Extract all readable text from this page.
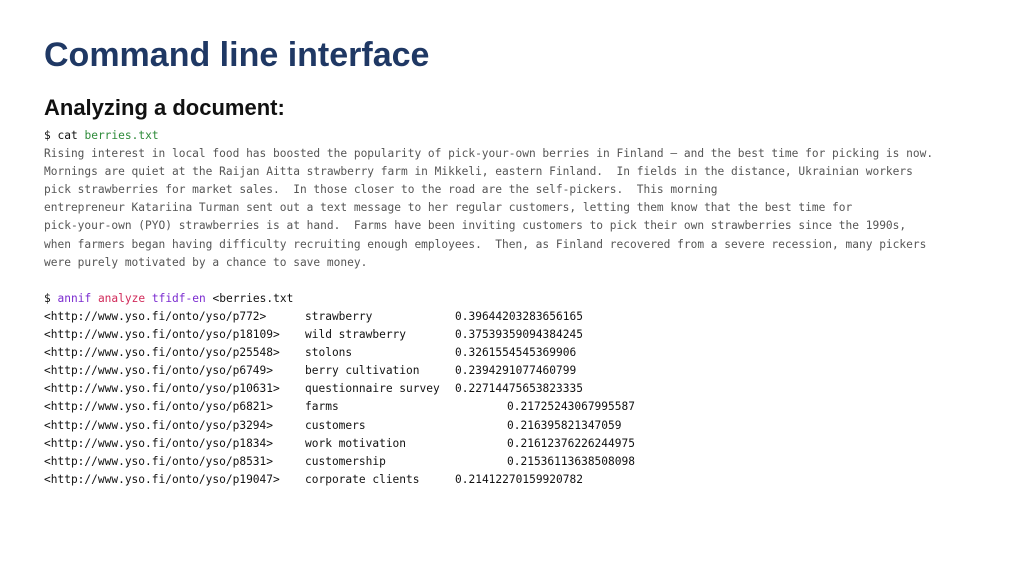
Command line interface
Analyzing a document:
$ cat berries.txt
Rising interest in local food has boosted the popularity of pick-your-own berries in Finland – and the best time for picking is now.
Mornings are quiet at the Raijan Aitta strawberry farm in Mikkeli, eastern Finland.  In fields in the distance, Ukrainian workers
pick strawberries for market sales.  In those closer to the road are the self-pickers.  This morning
entrepreneur Katariina Turman sent out a text message to her regular customers, letting them know that the best time for
pick-your-own (PYO) strawberries is at hand.  Farms have been inviting customers to pick their own strawberries since the 1990s,
when farmers began having difficulty recruiting enough employees.  Then, as Finland recovered from a severe recession, many pickers
were purely motivated by a chance to save money.
$ annif analyze tfidf-en <berries.txt
<http://www.yso.fi/onto/yso/p772>	strawberry	0.39644203283656165
<http://www.yso.fi/onto/yso/p18109> wild strawberry	0.37539359094384245
<http://www.yso.fi/onto/yso/p25548> stolons	0.3261554545369906
<http://www.yso.fi/onto/yso/p6749>	berry cultivation	0.2394291077460799
<http://www.yso.fi/onto/yso/p10631> questionnaire survey 0.22714475653823335
<http://www.yso.fi/onto/yso/p6821>	farms	0.21725243067995587
<http://www.yso.fi/onto/yso/p3294>	customers	0.216395821347059
<http://www.yso.fi/onto/yso/p1834>	work motivation	0.21612376226244975
<http://www.yso.fi/onto/yso/p8531>	customership	0.21536113638508098
<http://www.yso.fi/onto/yso/p19047> corporate clients	0.21412270159920782
